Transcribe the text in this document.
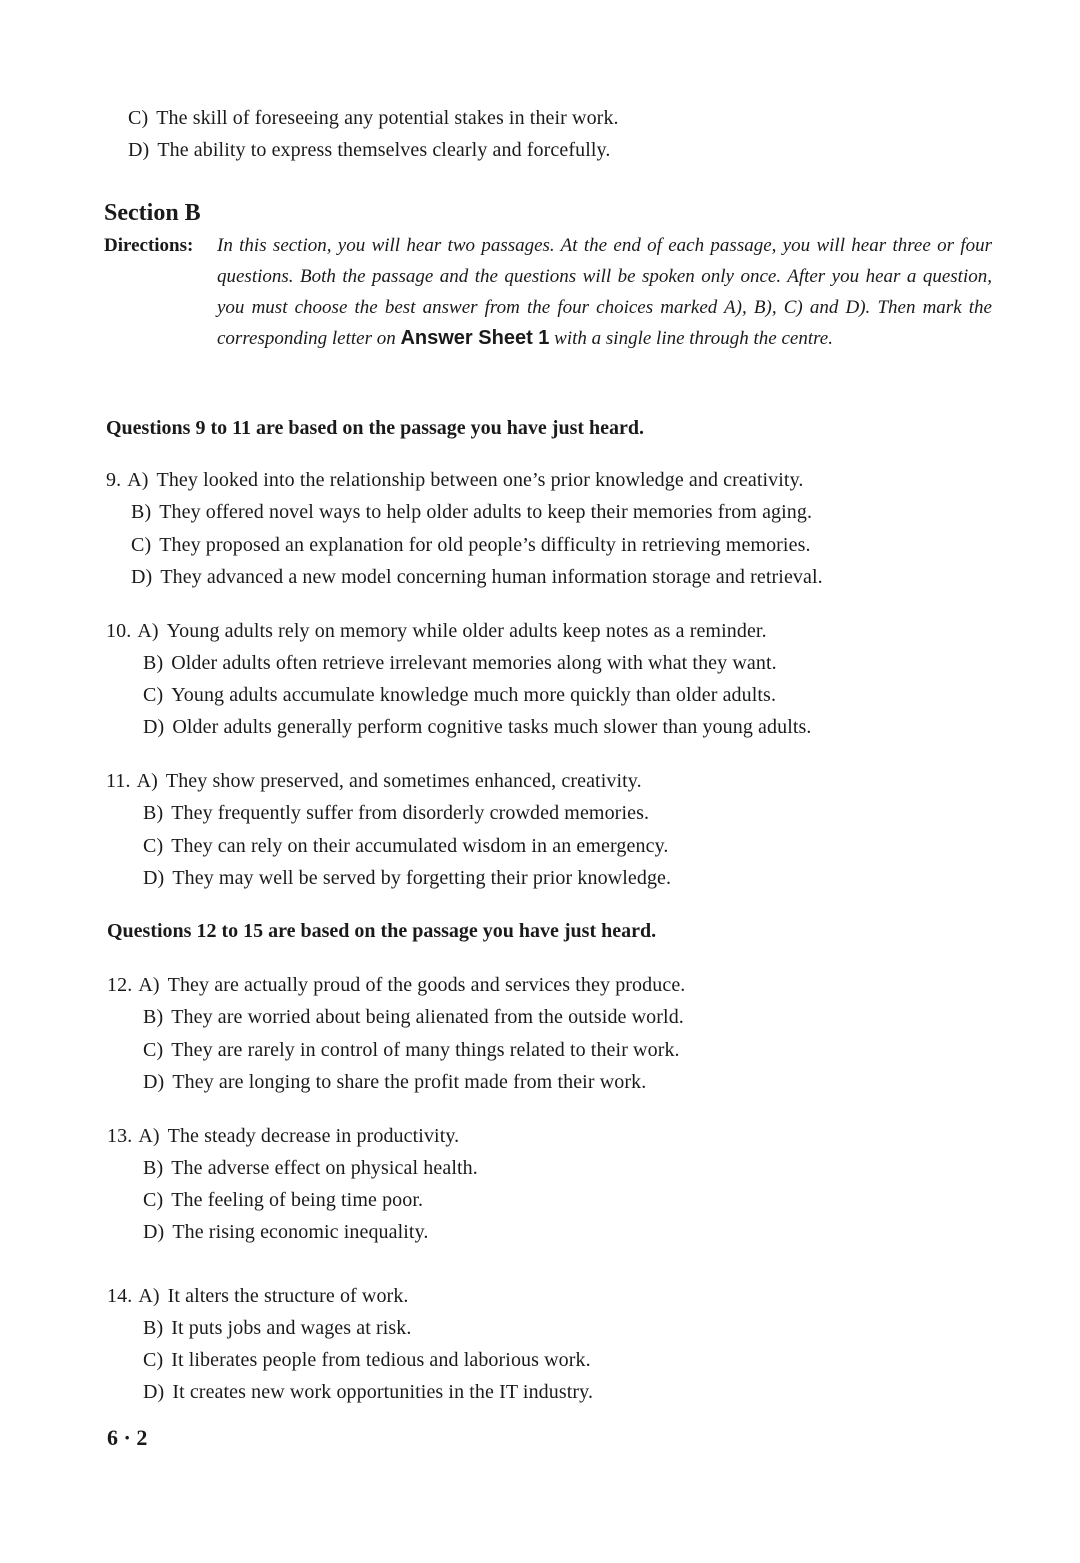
C) The skill of foreseeing any potential stakes in their work.
D) The ability to express themselves clearly and forcefully.
Section B
Directions: In this section, you will hear two passages. At the end of each passage, you will hear three or four questions. Both the passage and the questions will be spoken only once. After you hear a question, you must choose the best answer from the four choices marked A), B), C) and D). Then mark the corresponding letter on Answer Sheet 1 with a single line through the centre.
Questions 9 to 11 are based on the passage you have just heard.
9. A) They looked into the relationship between one’s prior knowledge and creativity.
B) They offered novel ways to help older adults to keep their memories from aging.
C) They proposed an explanation for old people’s difficulty in retrieving memories.
D) They advanced a new model concerning human information storage and retrieval.
10. A) Young adults rely on memory while older adults keep notes as a reminder.
B) Older adults often retrieve irrelevant memories along with what they want.
C) Young adults accumulate knowledge much more quickly than older adults.
D) Older adults generally perform cognitive tasks much slower than young adults.
11. A) They show preserved, and sometimes enhanced, creativity.
B) They frequently suffer from disorderly crowded memories.
C) They can rely on their accumulated wisdom in an emergency.
D) They may well be served by forgetting their prior knowledge.
Questions 12 to 15 are based on the passage you have just heard.
12. A) They are actually proud of the goods and services they produce.
B) They are worried about being alienated from the outside world.
C) They are rarely in control of many things related to their work.
D) They are longing to share the profit made from their work.
13. A) The steady decrease in productivity.
B) The adverse effect on physical health.
C) The feeling of being time poor.
D) The rising economic inequality.
14. A) It alters the structure of work.
B) It puts jobs and wages at risk.
C) It liberates people from tedious and laborious work.
D) It creates new work opportunities in the IT industry.
6 · 2
